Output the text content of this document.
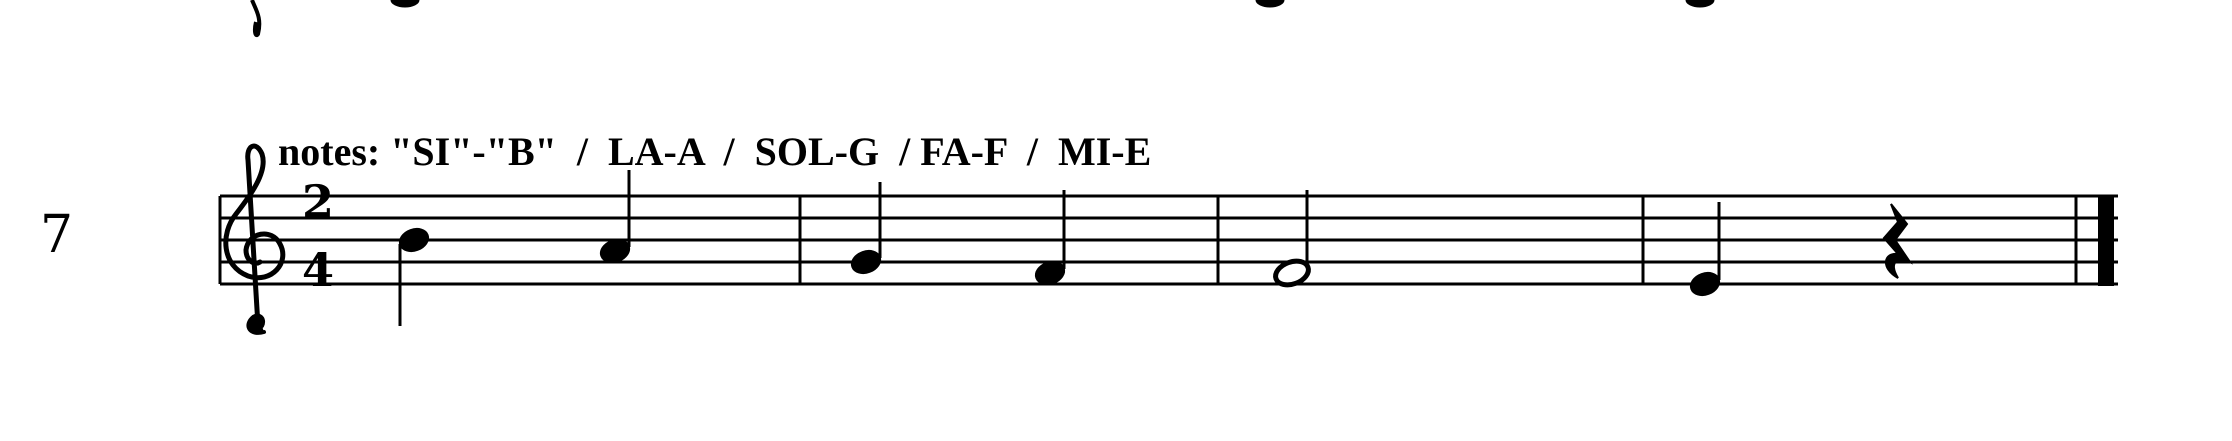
2
4
7
notes: "SI"-"B"  /  LA-A  /  SOL-G  / FA-F  /  MI-E
